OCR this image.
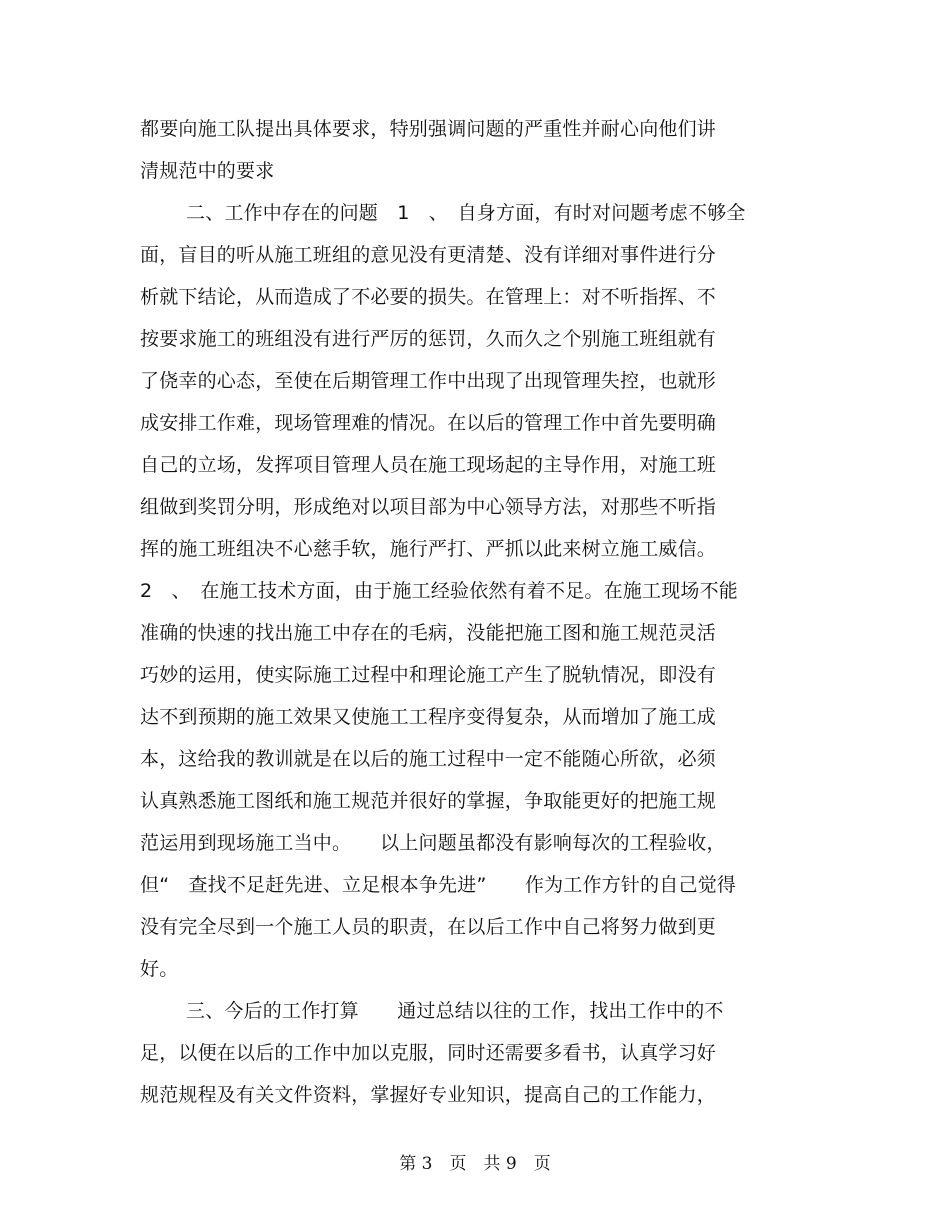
都要向施工队提出具体要求，特别强调问题的严重性并耐心向他们讲
清规范中的要求
二、工作中存在的问题　1　、　自身方面，有时对问题考虑不够全
面，盲目的听从施工班组的意见没有更清楚、没有详细对事件进行分
析就下结论，从而造成了不必要的损失。在管理上：对不听指挥、不
按要求施工的班组没有进行严厉的惩罚，久而久之个别施工班组就有
了侥幸的心态，至使在后期管理工作中出现了出现管理失控，也就形
成安排工作难，现场管理难的情况。在以后的管理工作中首先要明确
自己的立场，发挥项目管理人员在施工现场起的主导作用，对施工班
组做到奖罚分明，形成绝对以项目部为中心领导方法，对那些不听指
挥的施工班组决不心慈手软，施行严打、严抓以此来树立施工威信。
2　、　在施工技术方面，由于施工经验依然有着不足。在施工现场不能
准确的快速的找出施工中存在的毛病，没能把施工图和施工规范灵活
巧妙的运用，使实际施工过程中和理论施工产生了脱轨情况，即没有
达不到预期的施工效果又使施工工程序变得复杂，从而增加了施工成
本，这给我的教训就是在以后的施工过程中一定不能随心所欲，必须
认真熟悉施工图纸和施工规范并很好的掌握，争取能更好的把施工规
范运用到现场施工当中。　　以上问题虽都没有影响每次的工程验收，
但“　查找不足赶先进、立足根本争先进”　　作为工作方针的自己觉得
没有完全尽到一个施工人员的职责，在以后工作中自己将努力做到更
好。
三、今后的工作打算　　通过总结以往的工作，找出工作中的不
足，以便在以后的工作中加以克服，同时还需要多看书，认真学习好
规范规程及有关文件资料，掌握好专业知识，提高自己的工作能力，
第 3　页　共 9　页
